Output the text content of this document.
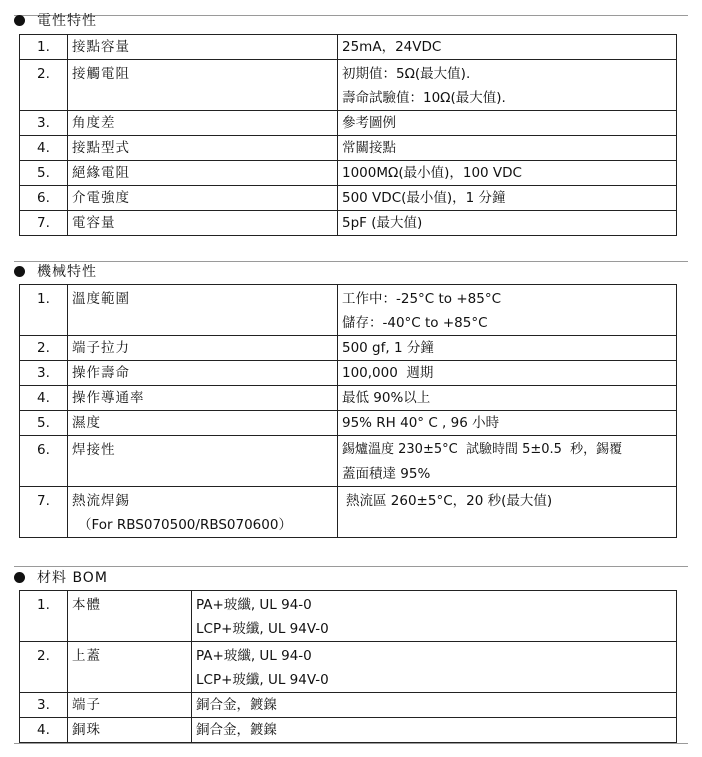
電性特性
1.	接點容量	25mA，24VDC

2.	接觸電阻	初期值：5Ω(最大值).
壽命試驗值：10Ω(最大值).

3.	角度差	參考圖例

4.	接點型式	常關接點

5.	絕緣電阻	1000MΩ(最小值)，100 VDC

6.	介電強度	500 VDC(最小值)，1 分鐘

7.	電容量	5pF (最大值)
機械特性
1.	溫度範圍	工作中：-25°C to +85°C
儲存：-40°C to +85°C

2.	端子拉力	500 gf, 1 分鐘

3.	操作壽命	100,000  週期

4.	操作導通率	最低 90%以上

5.	濕度	95% RH 40° C , 96 小時

6.	焊接性	錫爐溫度 230±5°C  試驗時間 5±0.5  秒，錫覆
蓋面積達 95%

7.	熱流焊錫
（For RBS070500/RBS070600）	熱流區 260±5°C，20 秒(最大值)
材料 BOM
1.	本體	PA+玻纖, UL 94-0
LCP+玻纖, UL 94V-0

2.	上蓋	PA+玻纖, UL 94-0
LCP+玻纖, UL 94V-0

3.	端子	銅合金，鍍鎳

4.	銅珠	銅合金，鍍鎳
